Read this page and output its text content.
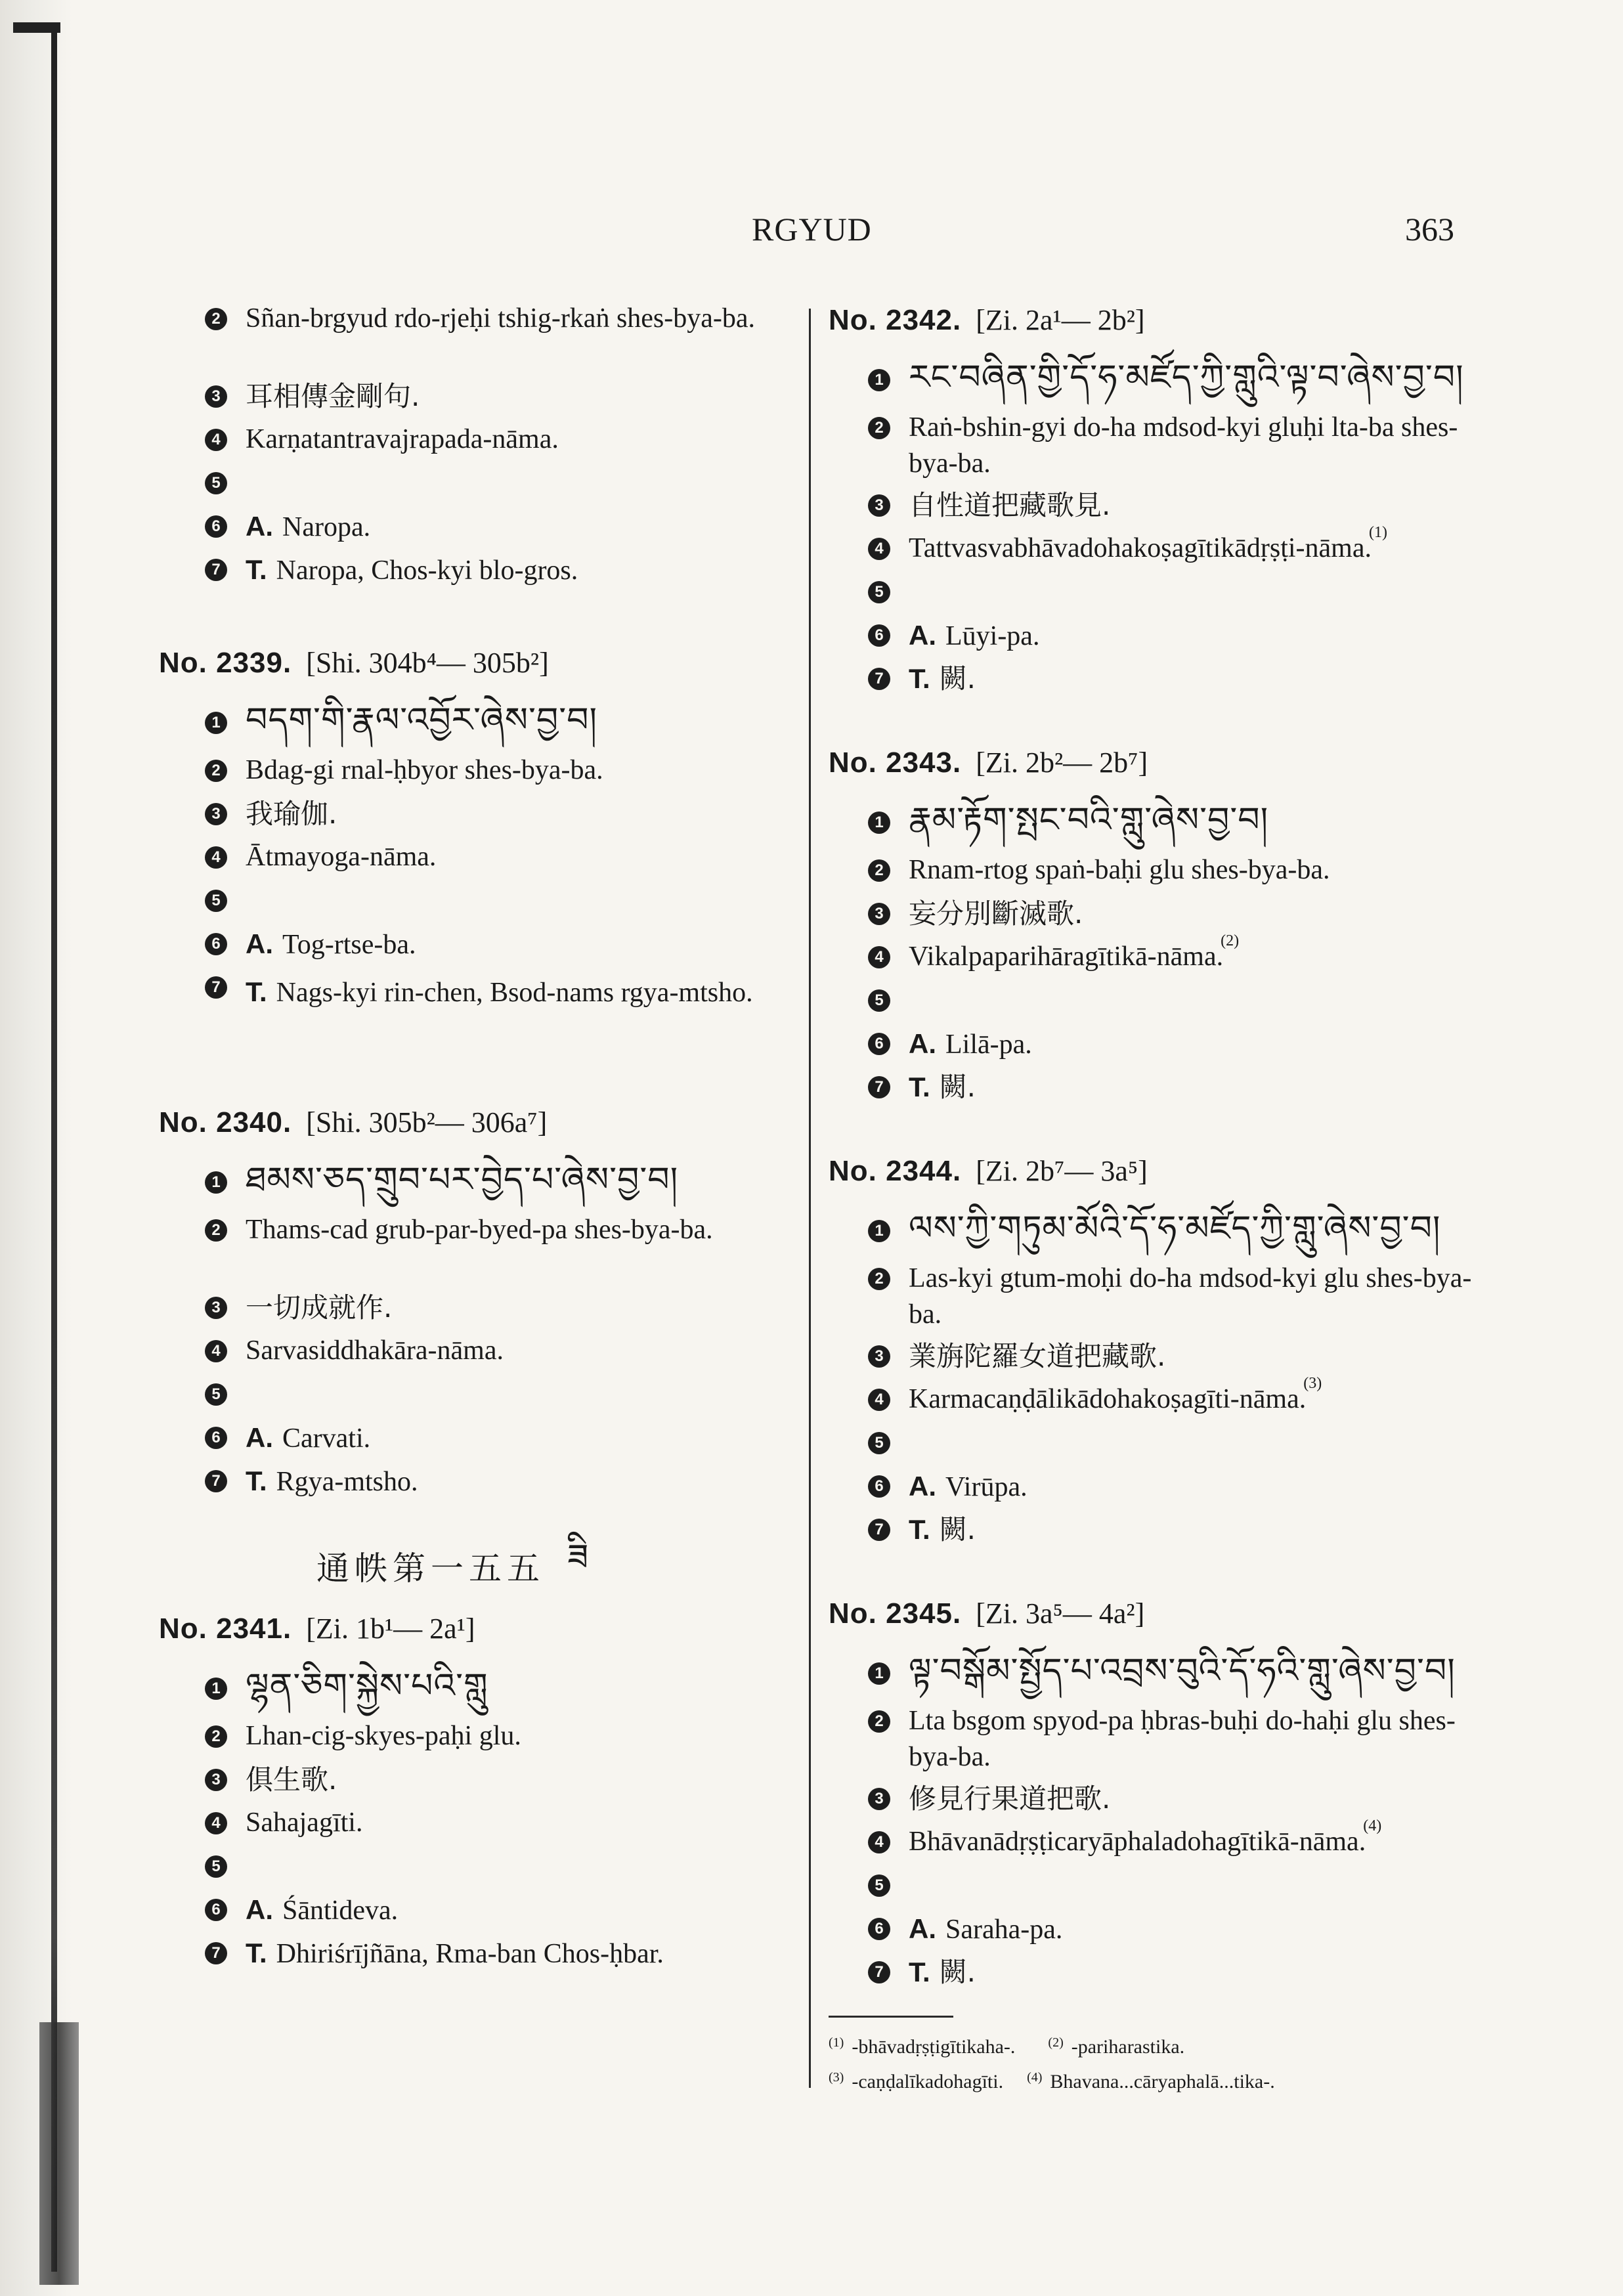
RGYUD	363
2 Sñan-brgyud rdo-rjeḥi tshig-rkaṅ shes-bya-ba.
3 耳相傳金剛句.
4 Karṇatantravajrapada-nāma.
5
6 A. Naropa.
7 T. Naropa, Chos-kyi blo-gros.
No. 2339. [Shi. 304b⁴— 305b²]
1 བདག་གི་རྣལ་འབྱོར་ཞེས་བྱ་བ།
2 Bdag-gi rnal-ḥbyor shes-bya-ba.
3 我瑜伽.
4 Ātmayoga-nāma.
5
6 A. Tog-rtse-ba.
7 T. Nags-kyi rin-chen, Bsod-nams rgya-mtsho.
No. 2340. [Shi. 305b²— 306a⁷]
1 ཐམས་ཅད་གྲུབ་པར་བྱེད་པ་ཞེས་བྱ་བ།
2 Thams-cad grub-par-byed-pa shes-bya-ba.
3 一切成就作.
4 Sarvasiddhakāra-nāma.
5
6 A. Carvati.
7 T. Rgya-mtsho.
通帙第一五五 ཟི
No. 2341. [Zi. 1b¹— 2a¹]
1 ལྷན་ཅིག་སྐྱེས་པའི་གླུ
2 Lhan-cig-skyes-paḥi glu.
3 俱生歌.
4 Sahajagīti.
5
6 A. Śāntideva.
7 T. Dhiriśrījñāna, Rma-ban Chos-ḥbar.
No. 2342. [Zi. 2a¹— 2b²]
1 རང་བཞིན་གྱི་དོ་ཧ་མཛོད་ཀྱི་གླུའི་ལྟ་བ་ཞེས་བྱ་བ།
2 Raṅ-bshin-gyi do-ha mdsod-kyi gluḥi lta-ba shes-bya-ba.
3 自性道把藏歌見.
4 Tattvasvabhāvadohakoṣagītikādṛṣṭi-nāma.
(1)
5
6 A. Lūyi-pa.
7 T. 闕.
No. 2343. [Zi. 2b²— 2b⁷]
1 རྣམ་རྟོག་སྤང་བའི་གླུ་ཞེས་བྱ་བ།
2 Rnam-rtog spaṅ-baḥi glu shes-bya-ba.
3 妄分別斷滅歌.
4 Vikalpaparihāragītikā-nāma.
(2)
5
6 A. Lilā-pa.
7 T. 闕.
No. 2344. [Zi. 2b⁷— 3a⁵]
1 ལས་ཀྱི་གཏུམ་མོའི་དོ་ཧ་མཛོད་ཀྱི་གླུ་ཞེས་བྱ་བ།
2 Las-kyi gtum-moḥi do-ha mdsod-kyi glu shes-bya-ba.
3 業旃陀羅女道把藏歌.
4 Karmacaṇḍālikādohakoṣagīti-nāma.
(3)
5
6 A. Virūpa.
7 T. 闕.
No. 2345. [Zi. 3a⁵— 4a²]
1 ལྟ་བསྒོམ་སྤྱོད་པ་འབྲས་བུའི་དོ་ཧའི་གླུ་ཞེས་བྱ་བ།
2 Lta bsgom spyod-pa ḥbras-buḥi do-haḥi glu shes-bya-ba.
3 修見行果道把歌.
4 Bhāvanādṛṣṭicaryāphaladohagītikā-nāma.
(4)
5
6 A. Saraha-pa.
7 T. 闕.
$^{(1)}$ -bhāvadṛṣṭigītikaha-.	$^{(2)}$ -pariharastika.
$^{(3)}$ -caṇḍalīkadohagīti. $^{(4)}$ Bhavana...cāryaphalā...tika-.
